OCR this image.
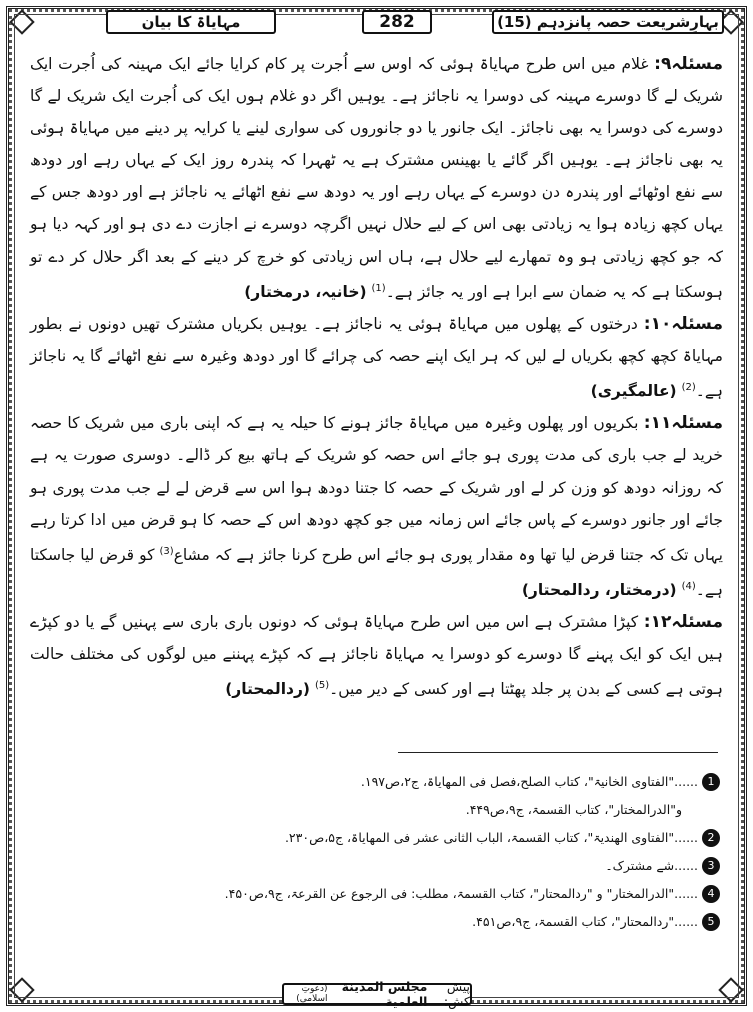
مہایاۃ کا بیان	282	بہارِشریعت حصہ پانزدہم (15)

مسئلہ۹: غلام میں اس طرح مہایاۃ ہوئی کہ اوس سے اُجرت پر کام کرایا جائے ایک مہینہ کی اُجرت ایک شریک لے گا دوسرے مہینہ کی دوسرا یہ ناجائز ہے۔ یوہیں اگر دو غلام ہوں ایک کی اُجرت ایک شریک لے گا دوسرے کی دوسرا یہ بھی ناجائز۔ ایک جانور یا دو جانوروں کی سواری لینے یا کرایہ پر دینے میں مہایاۃ ہوئی یہ بھی ناجائز ہے۔ یوہیں اگر گائے یا بھینس مشترک ہے یہ ٹھہرا کہ پندرہ روز ایک کے یہاں رہے اور دودھ سے نفع اوٹھائے اور پندرہ دن دوسرے کے یہاں رہے اور یہ دودھ سے نفع اٹھائے یہ ناجائز ہے اور دودھ جس کے یہاں کچھ زیادہ ہوا یہ زیادتی بھی اس کے لیے حلال نہیں اگرچہ دوسرے نے اجازت دے دی ہو اور کہہ دیا ہو کہ جو کچھ زیادتی ہو وہ تمھارے لیے حلال ہے، ہاں اس زیادتی کو خرچ کر دینے کے بعد اگر حلال کر دے تو ہوسکتا ہے کہ یہ ضمان سے ابرا ہے اور یہ جائز ہے۔$^{(1)}$ (خانیہ، درمختار)

مسئلہ۱۰: درختوں کے پھلوں میں مہایاۃ ہوئی یہ ناجائز ہے۔ یوہیں بکریاں مشترک تھیں دونوں نے بطور مہایاۃ کچھ کچھ بکریاں لے لیں کہ ہر ایک اپنے حصہ کی چرائے گا اور دودھ وغیرہ سے نفع اٹھائے گا یہ ناجائز ہے۔$^{(2)}$ (عالمگیری)

مسئلہ۱۱: بکریوں اور پھلوں وغیرہ میں مہایاۃ جائز ہونے کا حیلہ یہ ہے کہ اپنی باری میں شریک کا حصہ خرید لے جب باری کی مدت پوری ہو جائے اس حصہ کو شریک کے ہاتھ بیع کر ڈالے۔ دوسری صورت یہ ہے کہ روزانہ دودھ کو وزن کر لے اور شریک کے حصہ کا جتنا دودھ ہوا اس سے قرض لے لے جب مدت پوری ہو جائے اور جانور دوسرے کے پاس جائے اس زمانہ میں جو کچھ دودھ اس کے حصہ کا ہو قرض میں ادا کرتا رہے یہاں تک کہ جتنا قرض لیا تھا وہ مقدار پوری ہو جائے اس طرح کرنا جائز ہے کہ مشاع$^{(3)}$ کو قرض لیا جاسکتا ہے۔$^{(4)}$ (درمختار، ردالمحتار)

مسئلہ۱۲: کپڑا مشترک ہے اس میں اس طرح مہایاۃ ہوئی کہ دونوں باری باری سے پہنیں گے یا دو کپڑے ہیں ایک کو ایک پہنے گا دوسرے کو دوسرا یہ مہایاۃ ناجائز ہے کہ کپڑے پہننے میں لوگوں کی مختلف حالت ہوتی ہے کسی کے بدن پر جلد پھٹتا ہے اور کسی کے دیر میں۔$^{(5)}$ (ردالمحتار)

1
......"الفتاوی الخانیۃ"، کتاب الصلح،فصل فی المھایاۃ، ج۲،ص۱۹۷.
و"الدرالمختار"، کتاب القسمۃ، ج۹،ص۴۴۹.
2
......"الفتاوی الھندیۃ"، کتاب القسمۃ، الباب الثانی عشر فی المھایاۃ، ج۵،ص۲۳۰.
3
......شے مشترک۔
4
......"الدرالمختار" و "ردالمحتار"، کتاب القسمۃ، مطلب: فی الرجوع عن القرعۃ، ج۹،ص۴۵۰.
5
......"ردالمحتار"، کتاب القسمۃ، ج۹،ص۴۵۱.
پیش کش:
مجلس المدينة العلمية
(دعوتِ اسلامی)
